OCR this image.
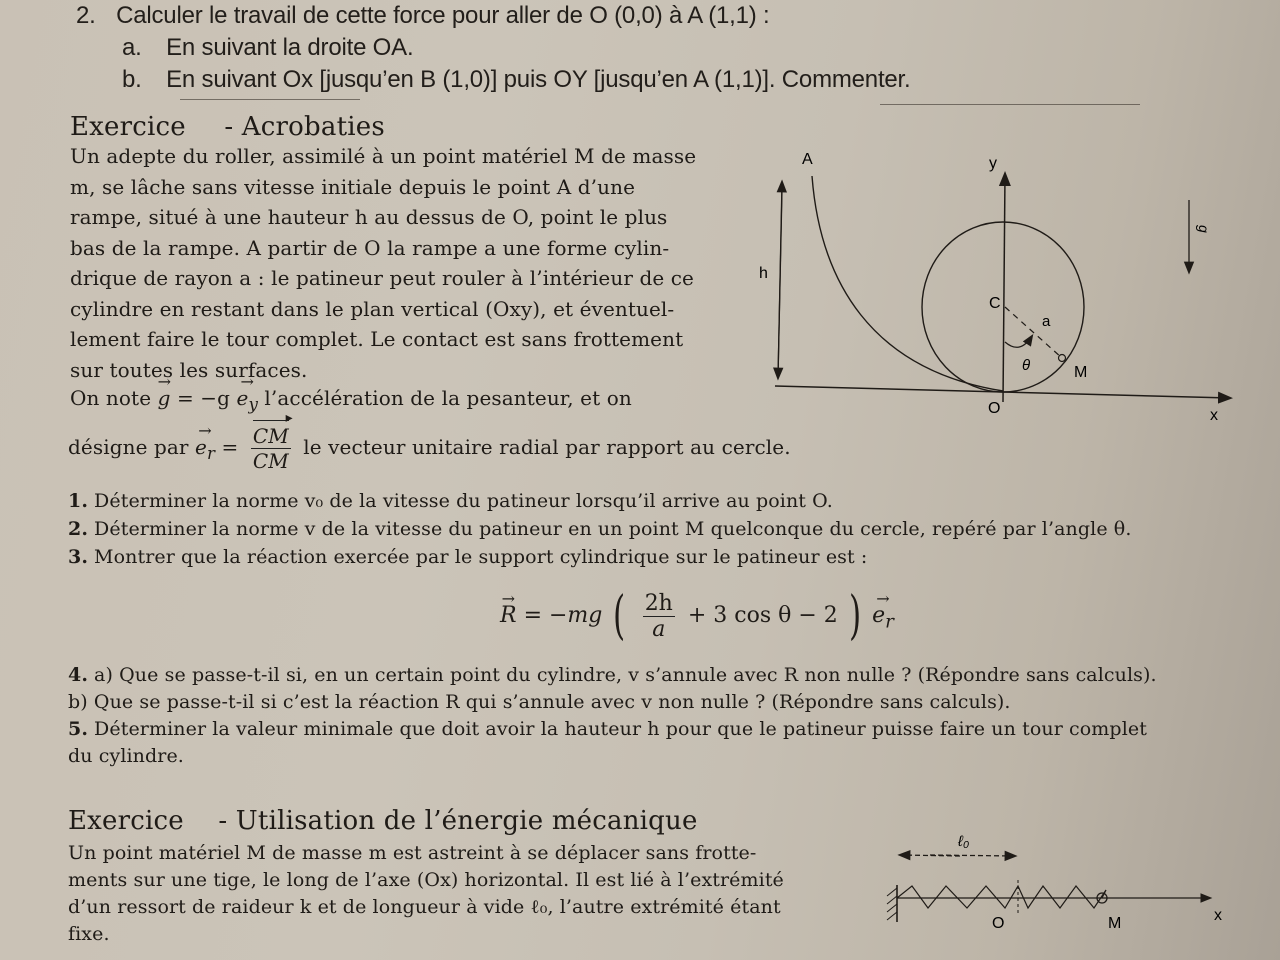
2. Calculer le travail de cette force pour aller de O (0,0) à A (1,1) :
a. En suivant la droite OA.
b. En suivant Ox [jusqu’en B (1,0)] puis OY [jusqu’en A (1,1)]. Commenter.
Exercice - Acrobaties
Un adepte du roller, assimilé à un point matériel M de masse
m, se lâche sans vitesse initiale depuis le point A d’une
rampe, situé à une hauteur h au dessus de O, point le plus
bas de la rampe. A partir de O la rampe a une forme cylin-
drique de rayon a : le patineur peut rouler à l’intérieur de ce
cylindre en restant dans le plan vertical (Oxy), et éventuel-
lement faire le tour complet. Le contact est sans frottement
sur toutes les surfaces.
On note → $g = -g \to e_y$ l’accélération de la pesanteur, et on
désigne par → $e_r = \frac{CM ▸}{CM}$ le vecteur unitaire radial par rapport au cercle.
1. Déterminer la norme v₀ de la vitesse du patineur lorsqu’il arrive au point O.
2. Déterminer la norme v de la vitesse du patineur en un point M quelconque du cercle, repéré par l’angle θ.
3. Montrer que la réaction exercée par le support cylindrique sur le patineur est :
→ R = −mg ( $\frac{2h}{a} + 3$ cos θ − 2 ) → $e_r$
4. a) Que se passe-t-il si, en un certain point du cylindre, v s’annule avec R non nulle ? (Répondre sans calculs).
b) Que se passe-t-il si c’est la réaction R qui s’annule avec v non nulle ? (Répondre sans calculs).
5. Déterminer la valeur minimale que doit avoir la hauteur h pour que le patineur puisse faire un tour complet
du cylindre.
A	y
h
C
a
θ	M
O	x
g
Exercice - Utilisation de l’énergie mécanique
Un point matériel M de masse m est astreint à se déplacer sans frotte-
ments sur une tige, le long de l’axe (Ox) horizontal. Il est lié à l’extrémité
d’un ressort de raideur k et de longueur à vide ℓ₀, l’autre extrémité étant
fixe.
ℓ₀
O	M	x
